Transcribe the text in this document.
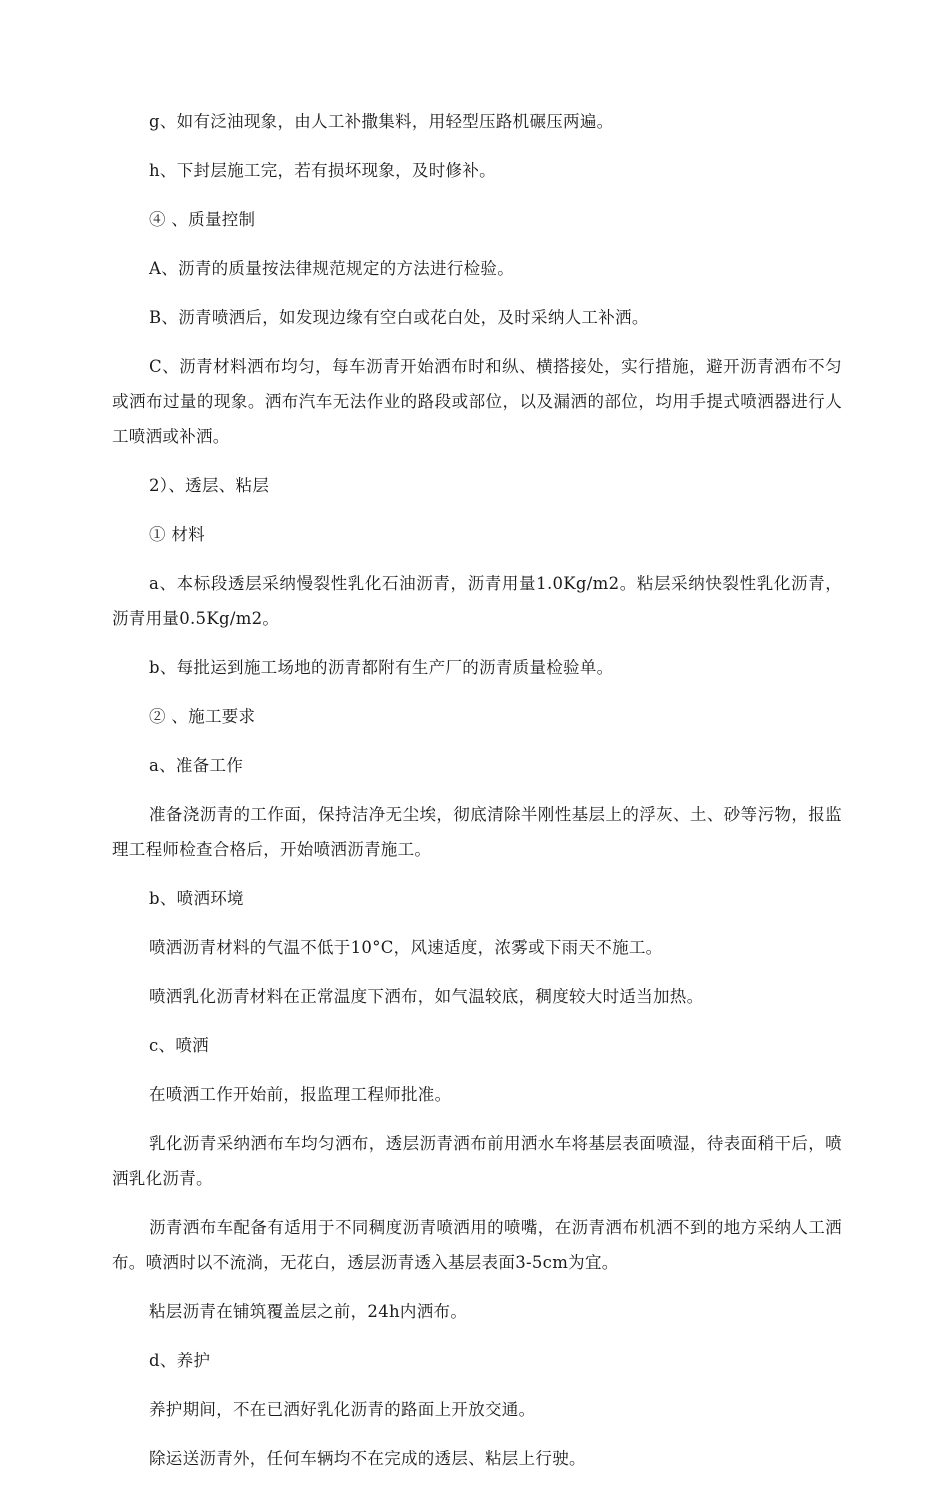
g、如有泛油现象，由人工补撒集料，用轻型压路机碾压两遍。

h、下封层施工完，若有损坏现象，及时修补。

④ 、质量控制

A、沥青的质量按法律规范规定的方法进行检验。

B、沥青喷洒后，如发现边缘有空白或花白处，及时采纳人工补洒。

C、沥青材料洒布均匀，每车沥青开始洒布时和纵、横搭接处，实行措施，避开沥青洒布不匀或洒布过量的现象。洒布汽车无法作业的路段或部位，以及漏洒的部位，均用手提式喷洒器进行人工喷洒或补洒。

2）、透层、粘层

① 材料

a、本标段透层采纳慢裂性乳化石油沥青，沥青用量1.0Kg/m2。粘层采纳快裂性乳化沥青，沥青用量0.5Kg/m2。

b、每批运到施工场地的沥青都附有生产厂的沥青质量检验单。

② 、施工要求

a、准备工作

准备浇沥青的工作面，保持洁净无尘埃，彻底清除半刚性基层上的浮灰、土、砂等污物，报监理工程师检查合格后，开始喷洒沥青施工。

b、喷洒环境

喷洒沥青材料的气温不低于10°C，风速适度，浓雾或下雨天不施工。

喷洒乳化沥青材料在正常温度下洒布，如气温较底，稠度较大时适当加热。

c、喷洒

在喷洒工作开始前，报监理工程师批准。

乳化沥青采纳洒布车均匀洒布，透层沥青洒布前用洒水车将基层表面喷湿，待表面稍干后，喷洒乳化沥青。

沥青洒布车配备有适用于不同稠度沥青喷洒用的喷嘴，在沥青洒布机洒不到的地方采纳人工洒布。喷洒时以不流淌，无花白，透层沥青透入基层表面3-5cm为宜。

粘层沥青在铺筑覆盖层之前，24h内洒布。

d、养护

养护期间，不在已洒好乳化沥青的路面上开放交通。

除运送沥青外，任何车辆均不在完成的透层、粘层上行驶。
